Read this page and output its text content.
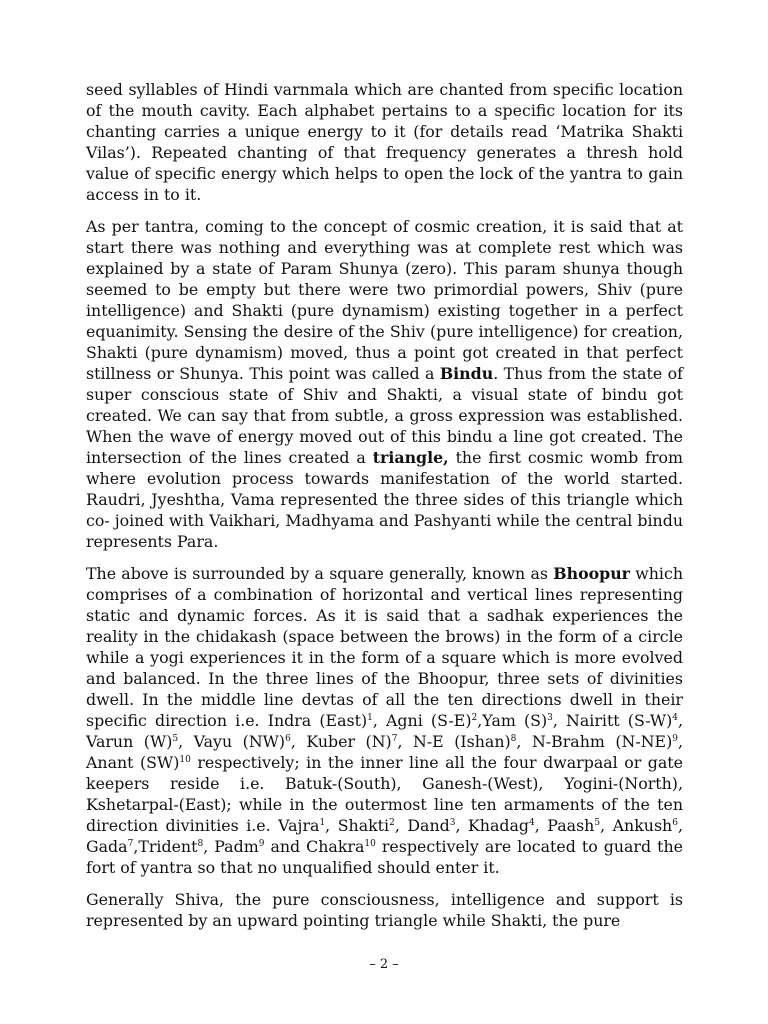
seed syllables of Hindi varnmala which are chanted from specific location of the mouth cavity. Each alphabet pertains to a specific location for its chanting carries a unique energy to it (for details read ‘Matrika Shakti Vilas’). Repeated chanting of that frequency generates a thresh hold value of specific energy which helps to open the lock of the yantra to gain access in to it.

As per tantra, coming to the concept of cosmic creation, it is said that at start there was nothing and everything was at complete rest which was explained by a state of Param Shunya (zero). This param shunya though seemed to be empty but there were two primordial powers, Shiv (pure intelligence) and Shakti (pure dynamism) existing together in a perfect equanimity. Sensing the desire of the Shiv (pure intelligence) for creation, Shakti (pure dynamism) moved, thus a point got created in that perfect stillness or Shunya. This point was called a Bindu. Thus from the state of super conscious state of Shiv and Shakti, a visual state of bindu got created. We can say that from subtle, a gross expression was established. When the wave of energy moved out of this bindu a line got created. The intersection of the lines created a triangle, the first cosmic womb from where evolution process towards manifestation of the world started. Raudri, Jyeshtha, Vama represented the three sides of this triangle which co- joined with Vaikhari, Madhyama and Pashyanti while the central bindu represents Para.

The above is surrounded by a square generally, known as Bhoopur which comprises of a combination of horizontal and vertical lines representing static and dynamic forces. As it is said that a sadhak experiences the reality in the chidakash (space between the brows) in the form of a circle while a yogi experiences it in the form of a square which is more evolved and balanced. In the three lines of the Bhoopur, three sets of divinities dwell. In the middle line devtas of all the ten directions dwell in their specific direction i.e. Indra (East)$^1$, Agni $(S-E)^2,Yam$ $(S)^3$, Nairitt $(S-W)^4$, Varun $(W)^5$, Vayu (NW)$^6$, Kuber $(N)^7$, N-E (Ishan)$^8$, N-Brahm $(N-NE)^9$, Anant (SW)$^{10}$ respectively; in the inner line all the four dwarpaal or gate keepers reside i.e. Batuk-(South), Ganesh-(West), Yogini-(North), Kshetarpal-(East); while in the outermost line ten armaments of the ten direction divinities i.e. Vajra$^1$, Shakti$^2$, Dand$^3$, Khadag$^4$, Paash$^5$, Ankush$^6$, Gada$^7$,Trident$^8$, Padm$^9$ and Chakra$^{10}$ respectively are located to guard the fort of yantra so that no unqualified should enter it.

Generally Shiva, the pure consciousness, intelligence and support is represented by an upward pointing triangle while Shakti, the pure

– 2 –
